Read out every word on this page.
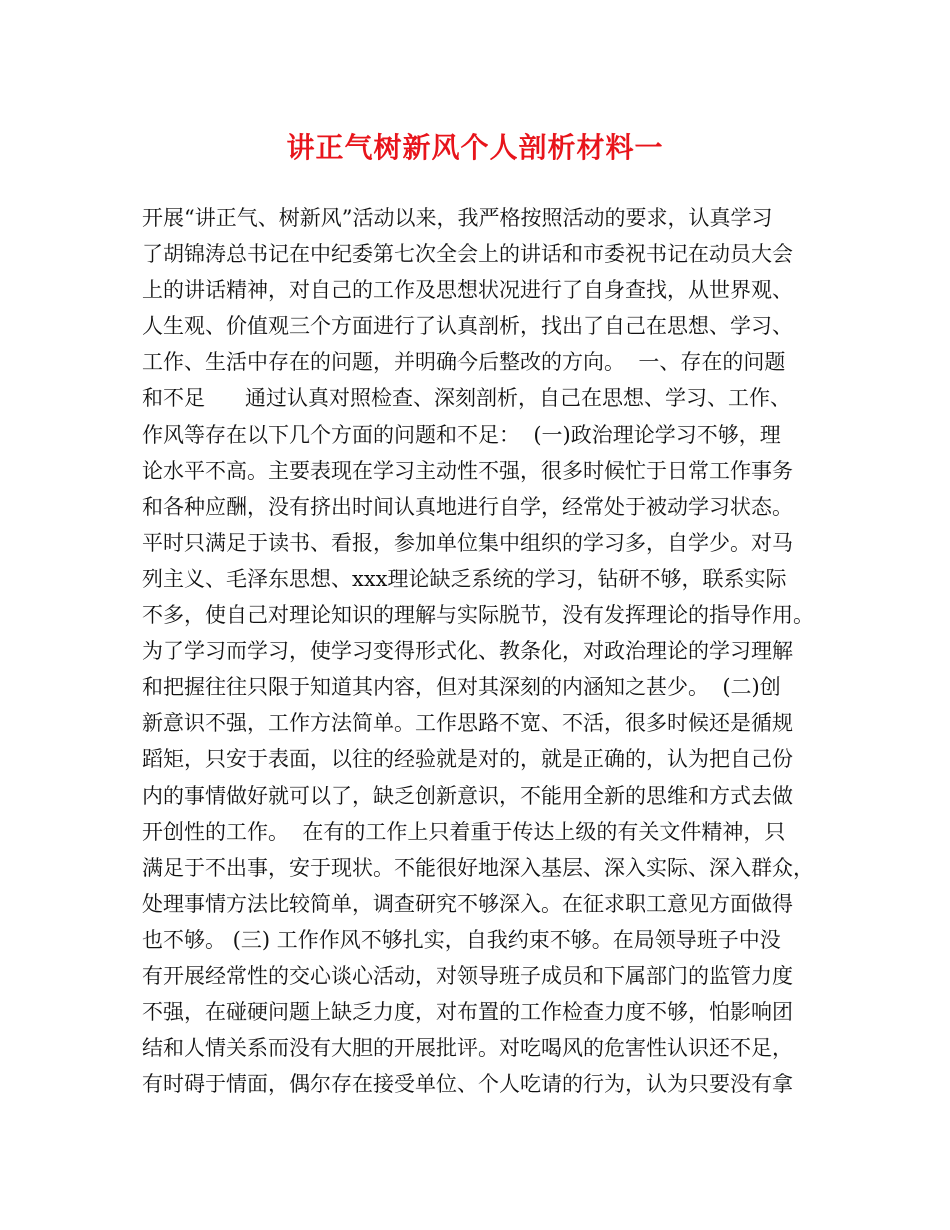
讲正气树新风个人剖析材料一
开展“讲正气、树新风”活动以来，我严格按照活动的要求，认真学习
了胡锦涛总书记在中纪委第七次全会上的讲话和市委祝书记在动员大会
上的讲话精神，对自己的工作及思想状况进行了自身查找，从世界观、
人生观、价值观三个方面进行了认真剖析，找出了自己在思想、学习、
工作、生活中存在的问题，并明确今后整改的方向。  一、存在的问题
和不足      通过认真对照检查、深刻剖析，自己在思想、学习、工作、
作风等存在以下几个方面的问题和不足：  (一)政治理论学习不够，理
论水平不高。主要表现在学习主动性不强，很多时候忙于日常工作事务
和各种应酬，没有挤出时间认真地进行自学，经常处于被动学习状态。
平时只满足于读书、看报，参加单位集中组织的学习多，自学少。对马
列主义、毛泽东思想、xxx理论缺乏系统的学习，钻研不够，联系实际
不多，使自己对理论知识的理解与实际脱节，没有发挥理论的指导作用。
为了学习而学习，使学习变得形式化、教条化，对政治理论的学习理解
和把握往往只限于知道其内容，但对其深刻的内涵知之甚少。  (二)创
新意识不强，工作方法简单。工作思路不宽、不活，很多时候还是循规
蹈矩，只安于表面，以往的经验就是对的，就是正确的，认为把自己份
内的事情做好就可以了，缺乏创新意识，不能用全新的思维和方式去做
开创性的工作。  在有的工作上只着重于传达上级的有关文件精神，只
满足于不出事，安于现状。不能很好地深入基层、深入实际、深入群众，
处理事情方法比较简单，调查研究不够深入。在征求职工意见方面做得
也不够。 (三) 工作作风不够扎实，自我约束不够。在局领导班子中没
有开展经常性的交心谈心活动，对领导班子成员和下属部门的监管力度
不强，在碰硬问题上缺乏力度，对布置的工作检查力度不够，怕影响团
结和人情关系而没有大胆的开展批评。对吃喝风的危害性认识还不足，
有时碍于情面，偶尔存在接受单位、个人吃请的行为，认为只要没有拿
